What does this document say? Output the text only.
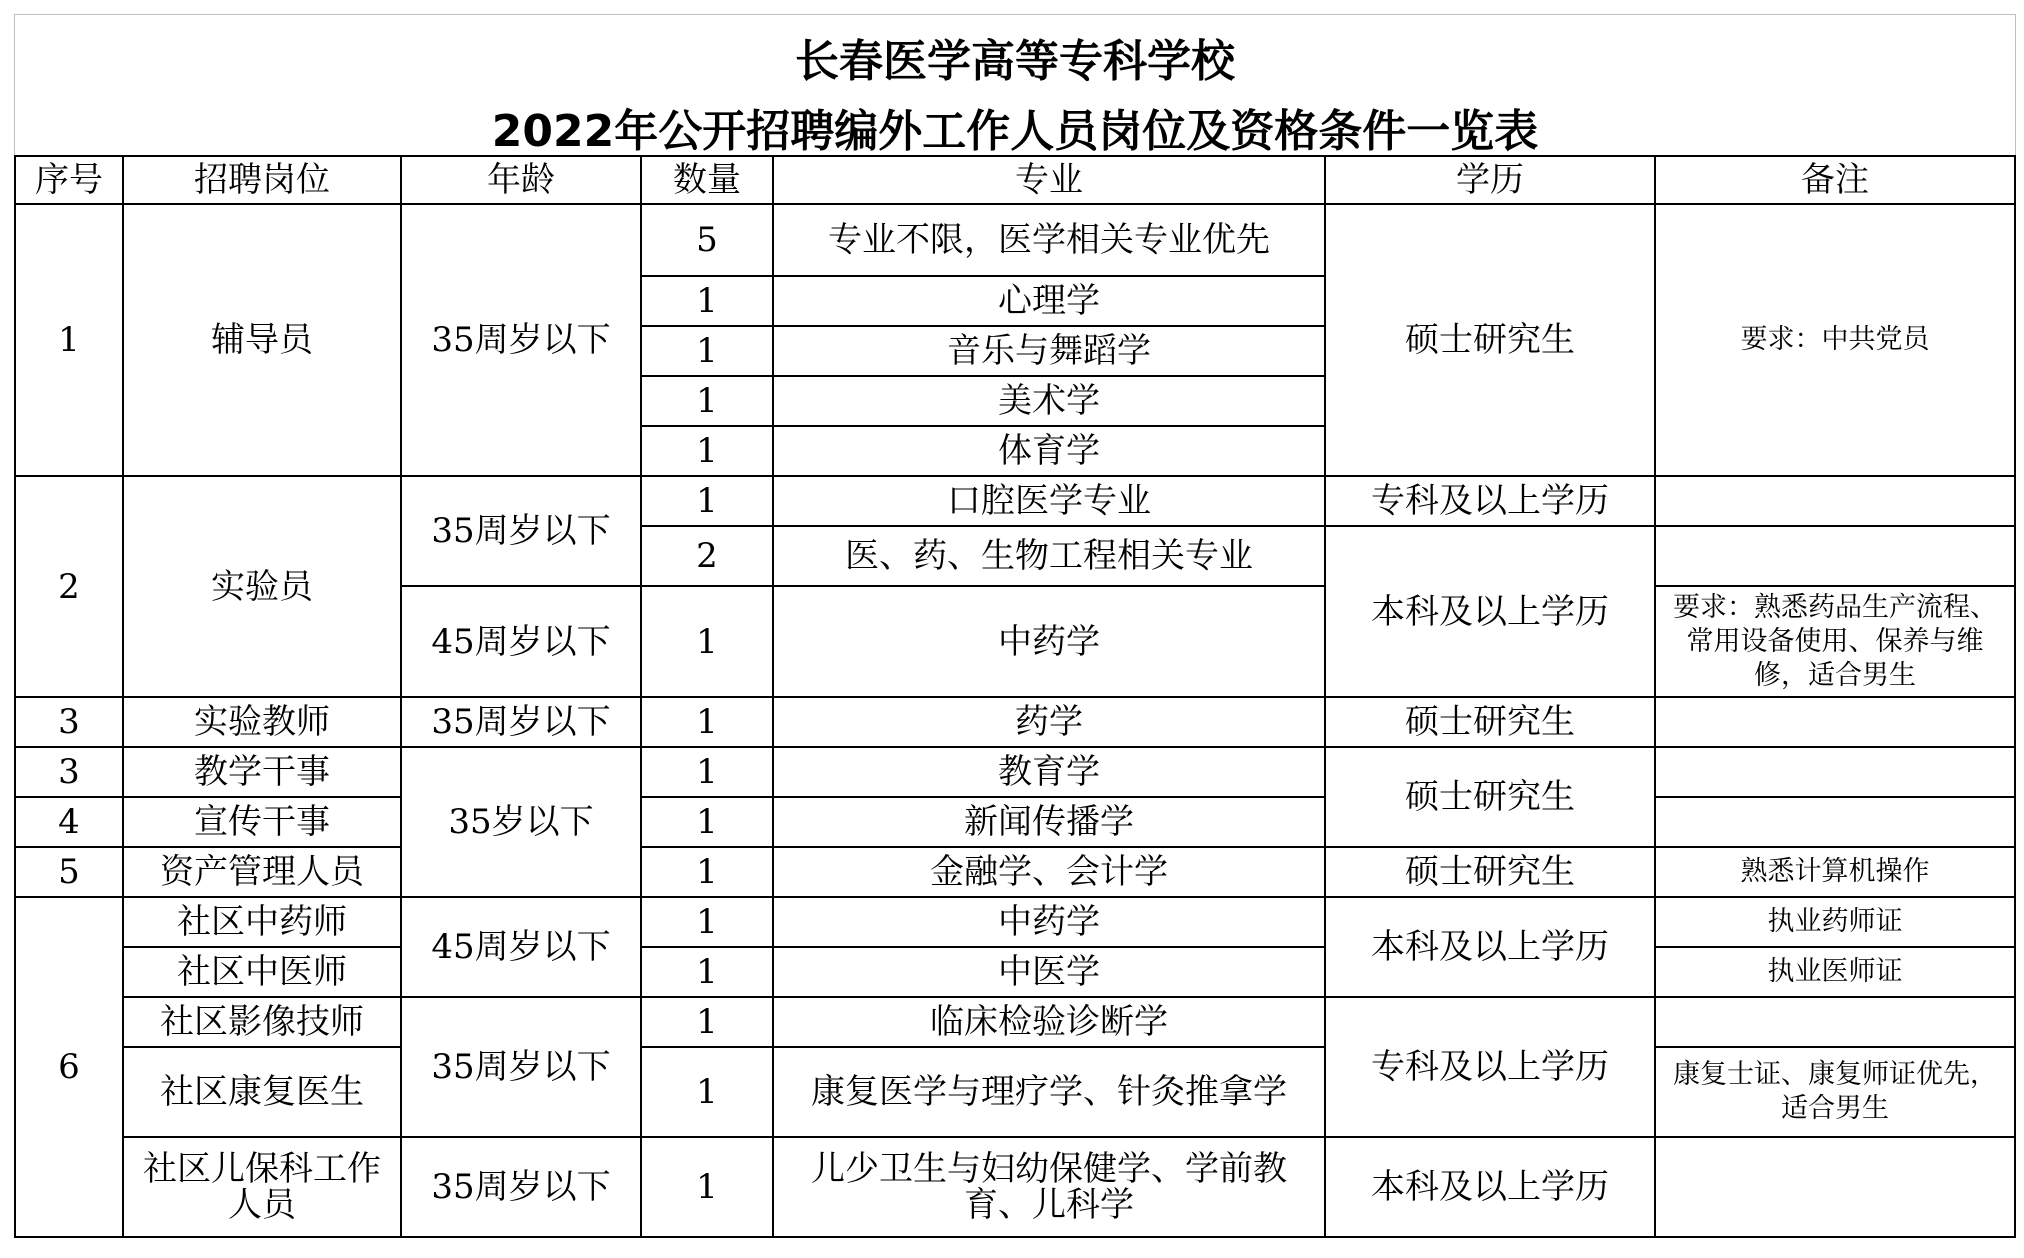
长春医学高等专科学校
2022年公开招聘编外工作人员岗位及资格条件一览表
序号	招聘岗位	年龄	数量	专业	学历	备注
1	辅导员	35周岁以下	5	专业不限，医学相关专业优先	硕士研究生	要求：中共党员
			1	心理学		
			1	音乐与舞蹈学		
			1	美术学		
			1	体育学		
2	实验员	35周岁以下	1	口腔医学专业	专科及以上学历	
			2	医、药、生物工程相关专业	本科及以上学历	
		45周岁以下	1	中药学		要求：熟悉药品生产流程、常用设备使用、保养与维修，适合男生
3	实验教师	35周岁以下	1	药学	硕士研究生	
3	教学干事	35岁以下	1	教育学	硕士研究生	
4	宣传干事		1	新闻传播学		
5	资产管理人员		1	金融学、会计学	硕士研究生	熟悉计算机操作
6	社区中药师	45周岁以下	1	中药学	本科及以上学历	执业药师证
	社区中医师		1	中医学		执业医师证
	社区影像技师	35周岁以下	1	临床检验诊断学	专科及以上学历	
	社区康复医生		1	康复医学与理疗学、针灸推拿学		康复士证、康复师证优先，适合男生
	社区儿保科工作人员	35周岁以下	1	儿少卫生与妇幼保健学、学前教育、儿科学	本科及以上学历	
